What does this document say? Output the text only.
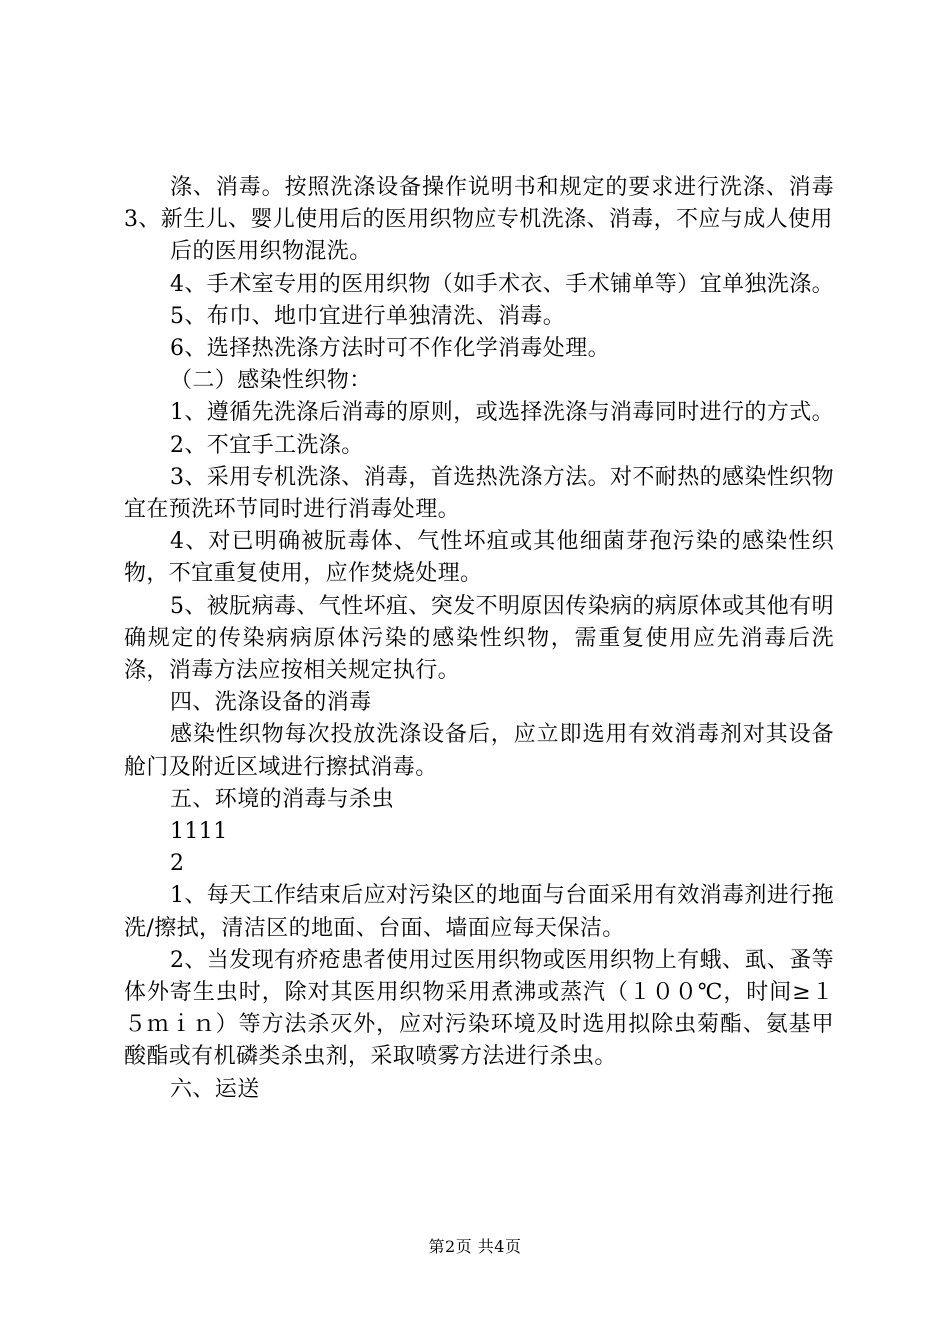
涤、消毒。按照洗涤设备操作说明书和规定的要求进行洗涤、消毒3、新生儿、婴儿使用后的医用织物应专机洗涤、消毒，不应与成人使用

后的医用织物混洗。

4、手术室专用的医用织物（如手术衣、手术铺单等）宜单独洗涤。

5、布巾、地巾宜进行单独清洗、消毒。

6、选择热洗涤方法时可不作化学消毒处理。

（二）感染性织物：

1、遵循先洗涤后消毒的原则，或选择洗涤与消毒同时进行的方式。

2、不宜手工洗涤。

3、采用专机洗涤、消毒，首选热洗涤方法。对不耐热的感染性织物宜在预洗环节同时进行消毒处理。

4、对已明确被朊毒体、气性坏疽或其他细菌芽孢污染的感染性织物，不宜重复使用，应作焚烧处理。

5、被朊病毒、气性坏疽、突发不明原因传染病的病原体或其他有明确规定的传染病病原体污染的感染性织物，需重复使用应先消毒后洗涤，消毒方法应按相关规定执行。

四、洗涤设备的消毒

感染性织物每次投放洗涤设备后，应立即选用有效消毒剂对其设备舱门及附近区域进行擦拭消毒。

五、环境的消毒与杀虫

1111

2

1、每天工作结束后应对污染区的地面与台面采用有效消毒剂进行拖洗/擦拭，清洁区的地面、台面、墙面应每天保洁。

2、当发现有疥疮患者使用过医用织物或医用织物上有蛾、虱、蚤等体外寄生虫时，除对其医用织物采用煮沸或蒸汽（１００℃，时间≥１５ｍｉｎ）等方法杀灭外，应对污染环境及时选用拟除虫菊酯、氨基甲酸酯或有机磷类杀虫剂，采取喷雾方法进行杀虫。

六、运送

第2页 共4页
